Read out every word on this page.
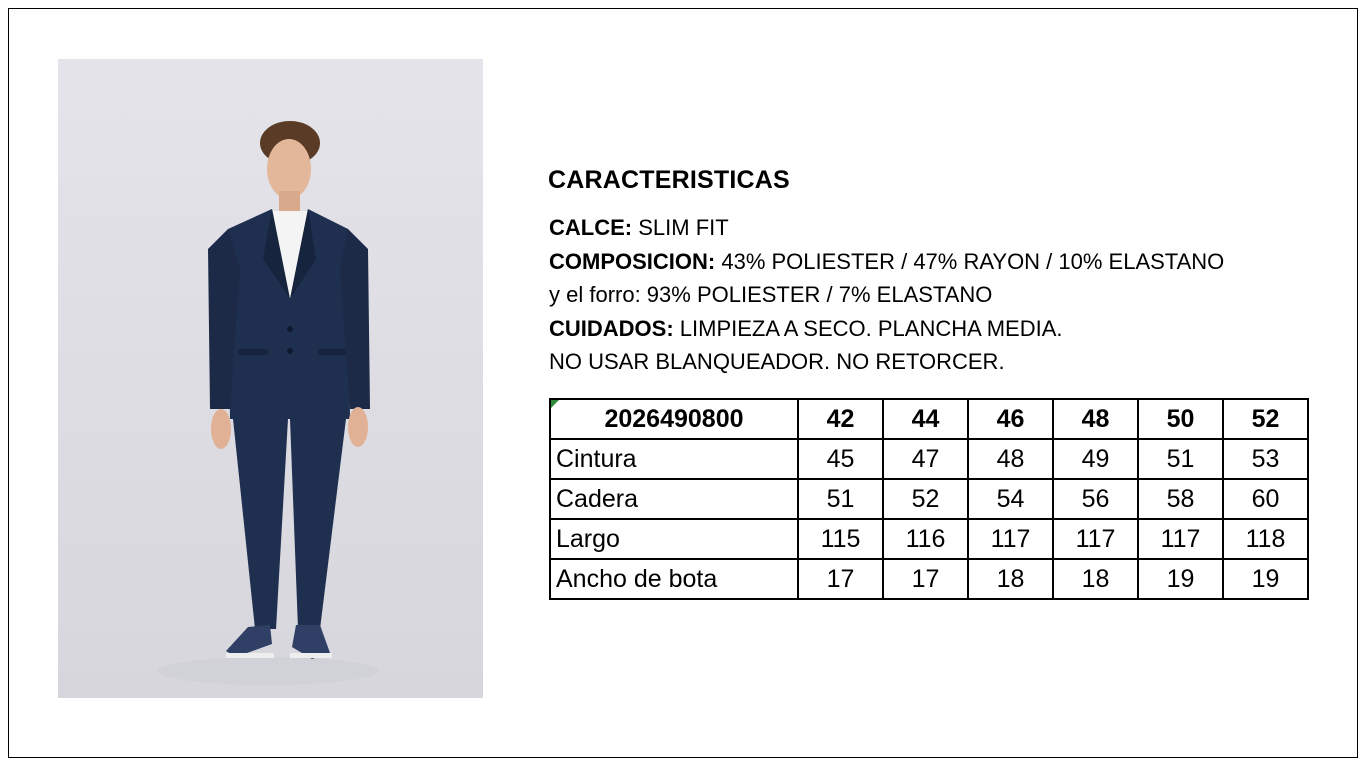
CARACTERISTICAS
CALCE: SLIM FIT
COMPOSICION: 43% POLIESTER / 47% RAYON / 10% ELASTANO
y el forro: 93% POLIESTER / 7% ELASTANO
CUIDADOS: LIMPIEZA A SECO. PLANCHA MEDIA.
NO USAR BLANQUEADOR. NO RETORCER.
2026490800	42	44	46	48	50	52
Cintura	45	47	48	49	51	53
Cadera	51	52	54	56	58	60
Largo	115	116	117	117	117	118
Ancho de bota	17	17	18	18	19	19
